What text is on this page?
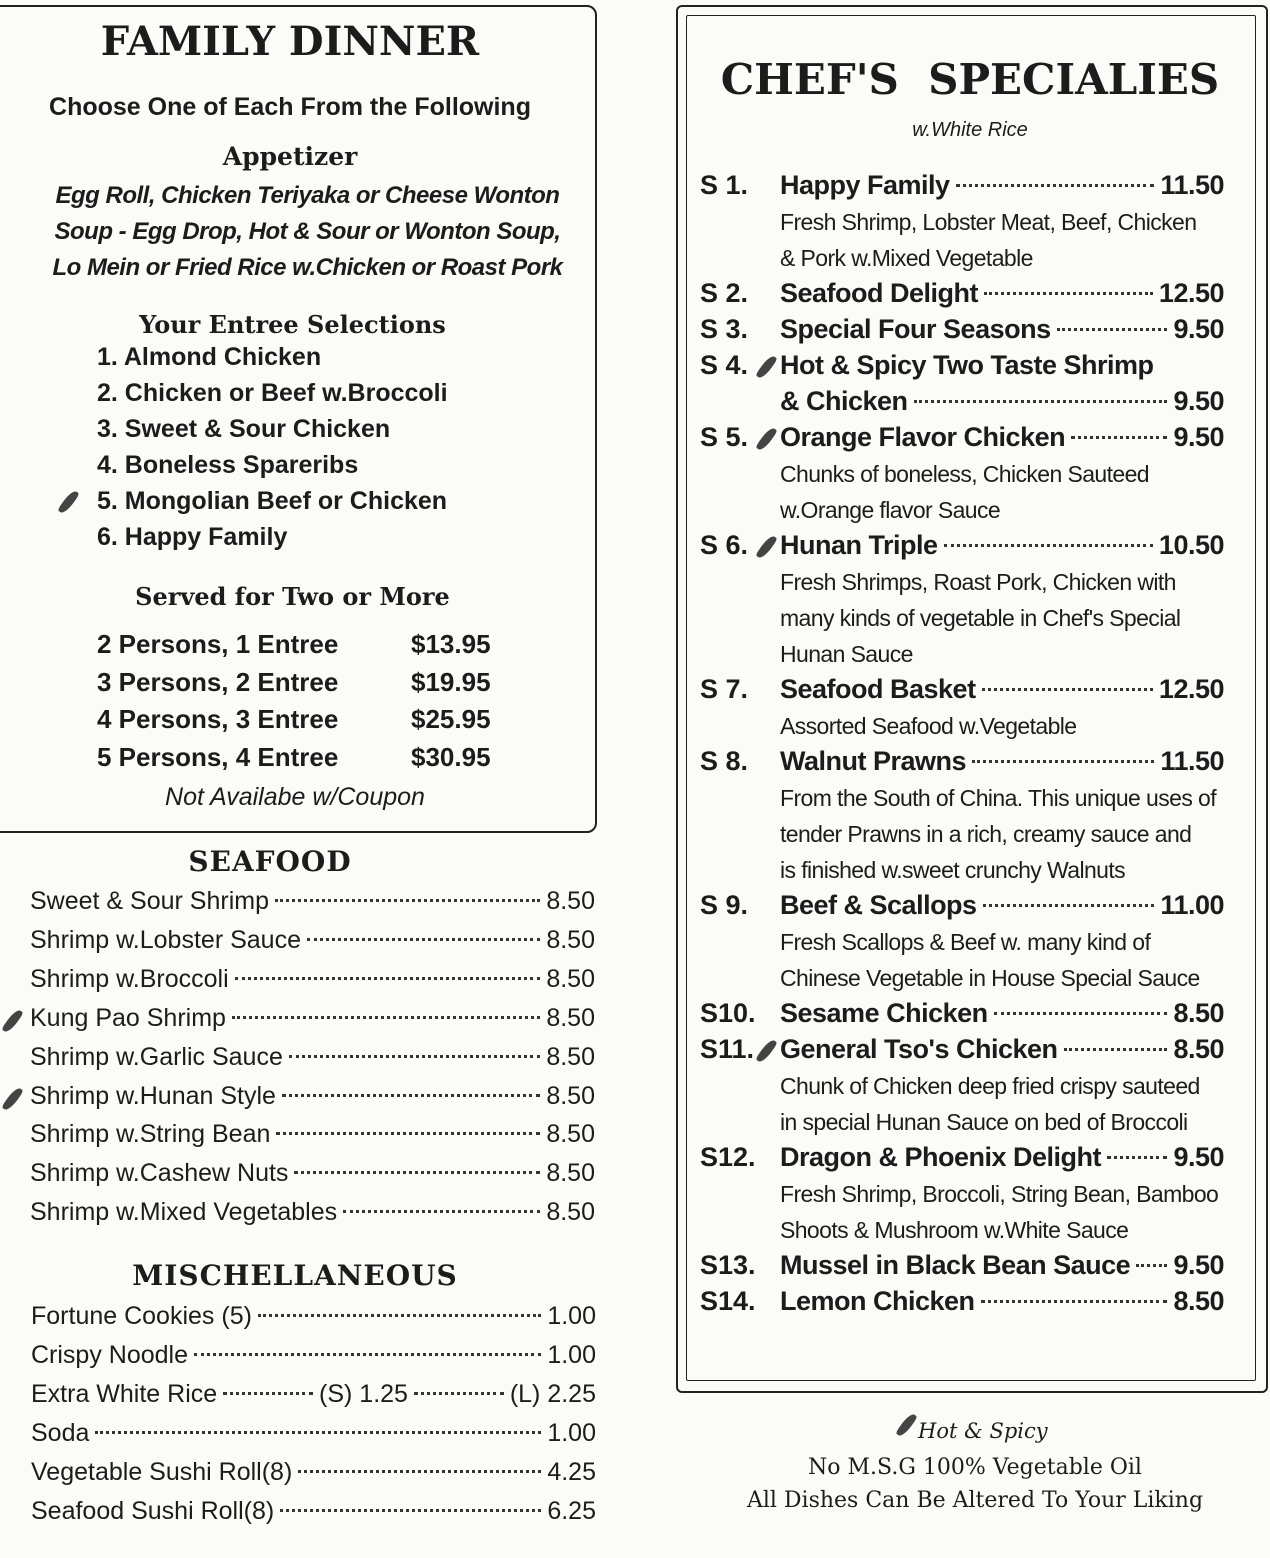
FAMILY DINNER
Choose One of Each From the Following
Appetizer
Egg Roll, Chicken Teriyaka or Cheese Wonton
Soup - Egg Drop, Hot & Sour or Wonton Soup,
Lo Mein or Fried Rice w.Chicken or Roast Pork
Your Entree Selections
1. Almond Chicken
2. Chicken or Beef w.Broccoli
3. Sweet & Sour Chicken
4. Boneless Spareribs
5. Mongolian Beef or Chicken
6. Happy Family
Served for Two or More
2 Persons, 1 Entree	$13.95
3 Persons, 2 Entree	$19.95
4 Persons, 3 Entree	$25.95
5 Persons, 4 Entree	$30.95
Not Availabe w/Coupon
SEAFOOD
Sweet & Sour Shrimp	8.50
Shrimp w.Lobster Sauce	8.50
Shrimp w.Broccoli	8.50
Kung Pao Shrimp	8.50
Shrimp w.Garlic Sauce	8.50
Shrimp w.Hunan Style	8.50
Shrimp w.String Bean	8.50
Shrimp w.Cashew Nuts	8.50
Shrimp w.Mixed Vegetables	8.50
MISCHELLANEOUS
Fortune Cookies (5)	1.00
Crispy Noodle	1.00
Extra White Rice	(S) 1.25	(L) 2.25
Soda	1.00
Vegetable Sushi Roll(8)	4.25
Seafood Sushi Roll(8)	6.25
CHEF'S  SPECIALIES
w.White Rice
S 1. Happy Family	11.50
Fresh Shrimp, Lobster Meat, Beef, Chicken
& Pork w.Mixed Vegetable
S 2. Seafood Delight	12.50
S 3. Special Four Seasons	9.50
S 4. Hot & Spicy Two Taste Shrimp
& Chicken	9.50
S 5. Orange Flavor Chicken	9.50
Chunks of boneless, Chicken Sauteed
w.Orange flavor Sauce
S 6. Hunan Triple	10.50
Fresh Shrimps, Roast Pork, Chicken with
many kinds of vegetable in Chef's Special
Hunan Sauce
S 7. Seafood Basket	12.50
Assorted Seafood w.Vegetable
S 8. Walnut Prawns	11.50
From the South of China. This unique uses of
tender Prawns in a rich, creamy sauce and
is finished w.sweet crunchy Walnuts
S 9. Beef & Scallops	11.00
Fresh Scallops & Beef w. many kind of
Chinese Vegetable in House Special Sauce
S10. Sesame Chicken	8.50
S11. General Tso's Chicken	8.50
Chunk of Chicken deep fried crispy sauteed
in special Hunan Sauce on bed of Broccoli
S12. Dragon & Phoenix Delight	9.50
Fresh Shrimp, Broccoli, String Bean, Bamboo
Shoots & Mushroom w.White Sauce
S13. Mussel in Black Bean Sauce 9.50
S14. Lemon Chicken	8.50
Hot & Spicy
No M.S.G 100% Vegetable Oil
All Dishes Can Be Altered To Your Liking
